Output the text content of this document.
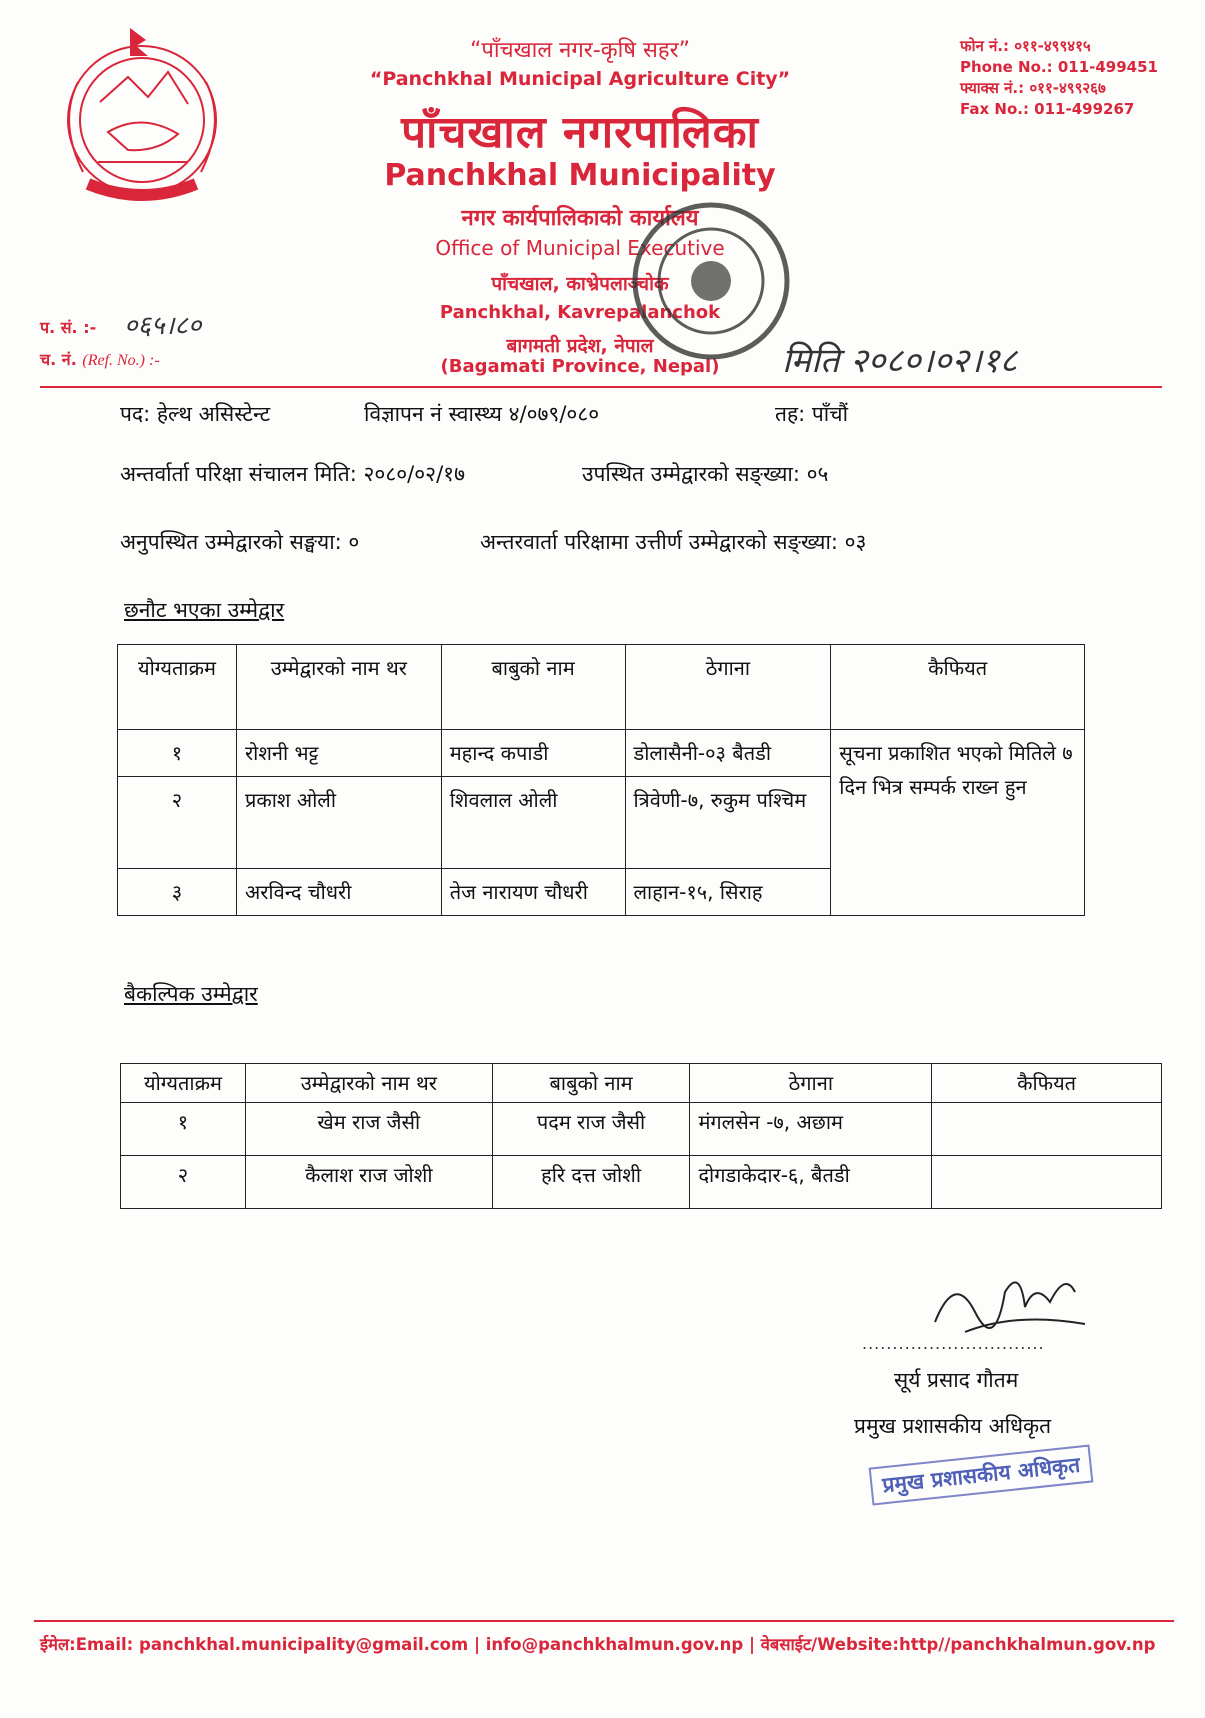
“पाँचखाल नगर-कृषि सहर”
“Panchkhal Municipal Agriculture City”
पाँचखाल नगरपालिका
Panchkhal Municipality
नगर कार्यपालिकाको कार्यालय
Office of Municipal Executive
पाँचखाल, काभ्रेपलाञ्चोक
Panchkhal, Kavrepalanchok
बागमती प्रदेश, नेपाल
(Bagamati Province, Nepal)
फोन नं.: ०११-४९९४१५
Phone No.: 011-499451
फ्याक्स नं.: ०११-४९९२६७
Fax No.: 011-499267
प. सं. :-
च. नं. (Ref. No.) :-
०६५।८०
मिति २०८०।०२।१८
पद: हेल्थ असिस्टेन्ट	विज्ञापन नं स्वास्थ्य ४/०७९/०८०	तह: पाँचौं
अन्तर्वार्ता परिक्षा संचालन मिति: २०८०/०२/१७	उपस्थित उम्मेद्वारको सङ्ख्या: ०५
अनुपस्थित उम्मेद्वारको सङ्घया: ०	अन्तरवार्ता परिक्षामा उत्तीर्ण उम्मेद्वारको सङ्ख्या: ०३
छनौट भएका उम्मेद्वार
योग्यताक्रम	उम्मेद्वारको नाम थर	बाबुको नाम	ठेगाना	कैफियत
१	रोशनी भट्ट	महान्द कपाडी	डोलासैनी-०३ बैतडी	सूचना प्रकाशित भएको मितिले ७ दिन भित्र सम्पर्क राख्न हुन
२	प्रकाश ओली	शिवलाल ओली	त्रिवेणी-७, रुकुम पश्चिम	
३	अरविन्द चौधरी	तेज नारायण चौधरी	लाहान-१५, सिराह	
बैकल्पिक उम्मेद्वार
योग्यताक्रम	उम्मेद्वारको नाम थर	बाबुको नाम	ठेगाना	कैफियत
१	खेम राज जैसी	पदम राज जैसी	मंगलसेन -७, अछाम	
२	कैलाश राज जोशी	हरि दत्त जोशी	दोगडाकेदार-६, बैतडी	
..............................
सूर्य प्रसाद गौतम
प्रमुख प्रशासकीय अधिकृत
प्रमुख प्रशासकीय अधिकृत
ईमेल:Email: panchkhal.municipality@gmail.com | info@panchkhalmun.gov.np | वेबसाईट/Website:http//panchkhalmun.gov.np
